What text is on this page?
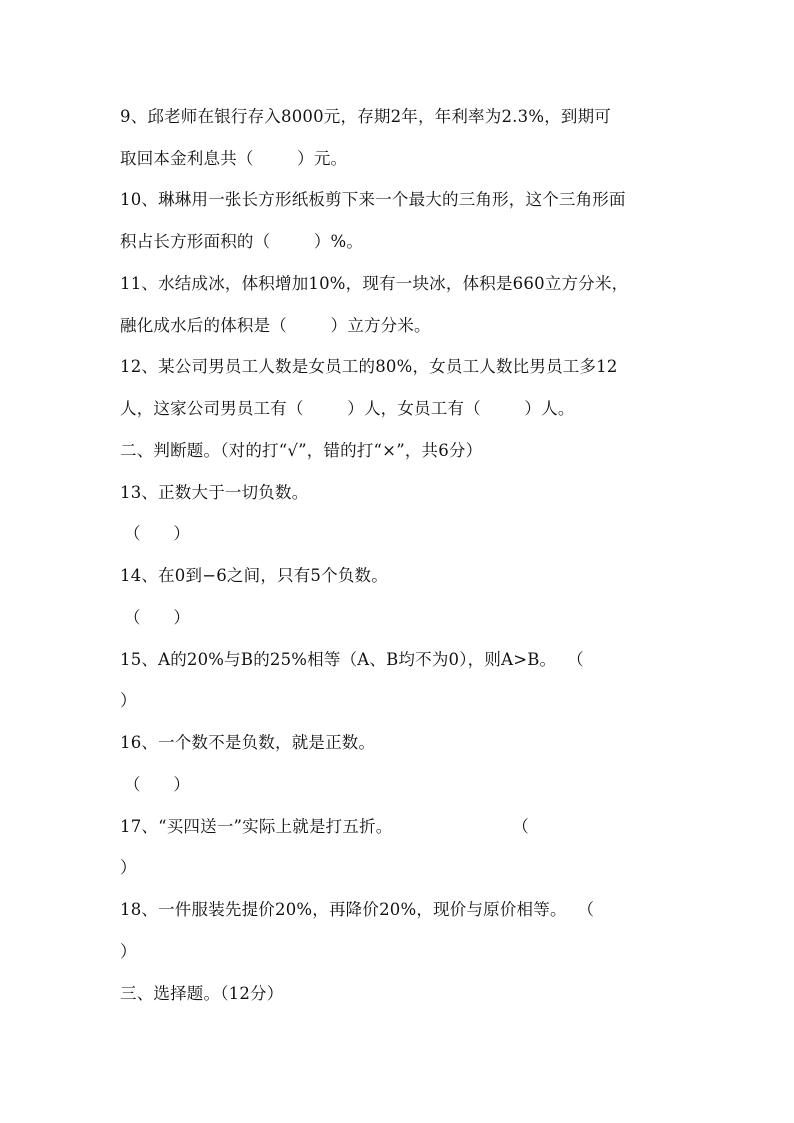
9、邱老师在银行存入8000元，存期2年，年利率为2.3%，到期可
取回本金利息共（        ）元。
10、琳琳用一张长方形纸板剪下来一个最大的三角形，这个三角形面
积占长方形面积的（        ）%。
11、水结成冰，体积增加10%，现有一块冰，体积是660立方分米，
融化成水后的体积是（        ）立方分米。
12、某公司男员工人数是女员工的80%，女员工人数比男员工多12
人，这家公司男员工有（        ）人，女员工有（        ）人。
二、判断题。（对的打“√”，错的打“×”，共6分）
13、正数大于一切负数。
（      ）
14、在0到−6之间，只有5个负数。
（      ）
15、A的20%与B的25%相等（A、B均不为0），则A>B。  （
）
16、一个数不是负数，就是正数。
（      ）
17、“买四送一”实际上就是打五折。                      （
）
18、一件服装先提价20%，再降价20%，现价与原价相等。  （
）
三、选择题。（12分）
